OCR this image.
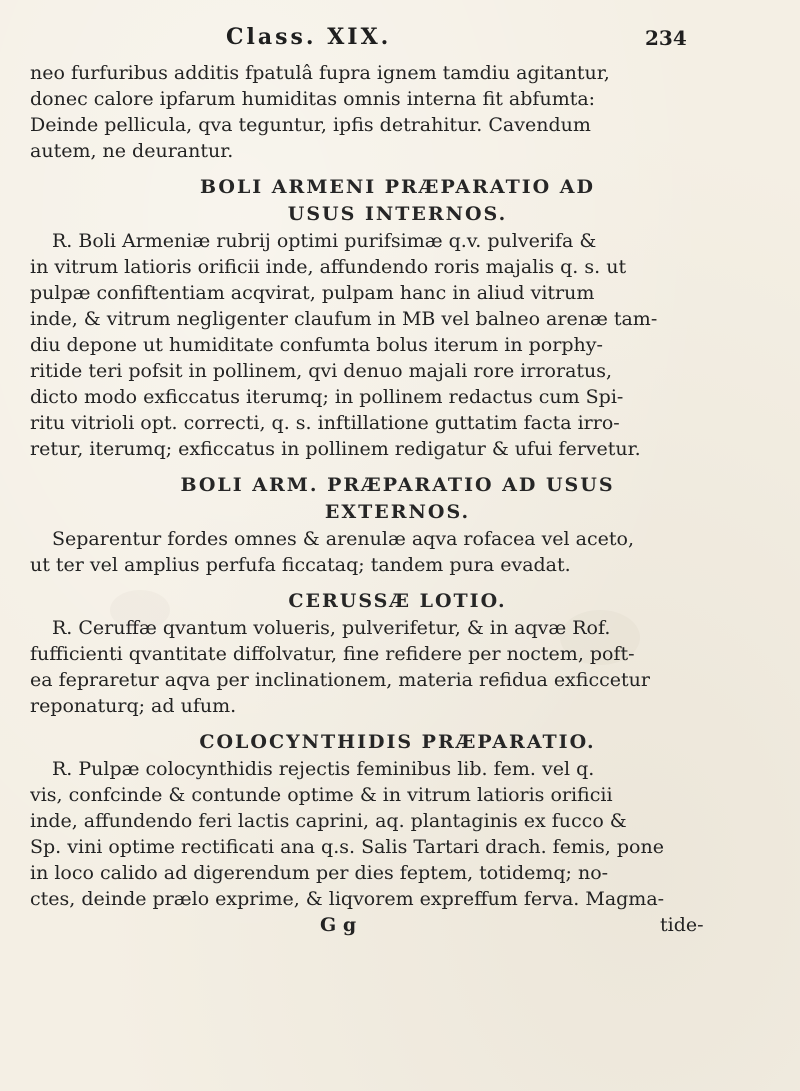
Class. XIX.	234
neo furfuribus additis fpatulâ fupra ignem tamdiu agitantur,
donec calore ipfarum humiditas omnis interna fit abfumta:
Deinde pellicula, qva teguntur, ipfis detrahitur. Cavendum
autem, ne deurantur.
BOLI ARMENI PRÆPARATIO AD
USUS INTERNOS.
R. Boli Armeniæ rubrij optimi purifsimæ q.v. pulverifa &
in vitrum latioris orificii inde, affundendo roris majalis q. s. ut
pulpæ confiftentiam acqvirat, pulpam hanc in aliud vitrum
inde, & vitrum negligenter claufum in MB vel balneo arenæ tam-
diu depone ut humiditate confumta bolus iterum in porphy-
ritide teri pofsit in pollinem, qvi denuo majali rore irroratus,
dicto modo exficcatus iterumq; in pollinem redactus cum Spi-
ritu vitrioli opt. correcti, q. s. inftillatione guttatim facta irro-
retur, iterumq; exficcatus in pollinem redigatur & ufui fervetur.
BOLI ARM. PRÆPARATIO AD USUS
EXTERNOS.
Separentur fordes omnes & arenulæ aqva rofacea vel aceto,
ut ter vel amplius perfufa ficcataq; tandem pura evadat.
CERUSSÆ LOTIO.
R. Ceruffæ qvantum volueris, pulverifetur, & in aqvæ Rof.
fufficienti qvantitate diffolvatur, fine refidere per noctem, poft-
ea fepraretur aqva per inclinationem, materia refidua exficcetur
reponaturq; ad ufum.
COLOCYNTHIDIS PRÆPARATIO.
R. Pulpæ colocynthidis rejectis feminibus lib. fem. vel q.
vis, confcinde & contunde optime & in vitrum latioris orificii
inde, affundendo feri lactis caprini, aq. plantaginis ex fucco &
Sp. vini optime rectificati ana q.s. Salis Tartari drach. femis, pone
in loco calido ad digerendum per dies feptem, totidemq; no-
ctes, deinde prælo exprime, & liqvorem expreffum ferva. Magma-
G g	tide-
